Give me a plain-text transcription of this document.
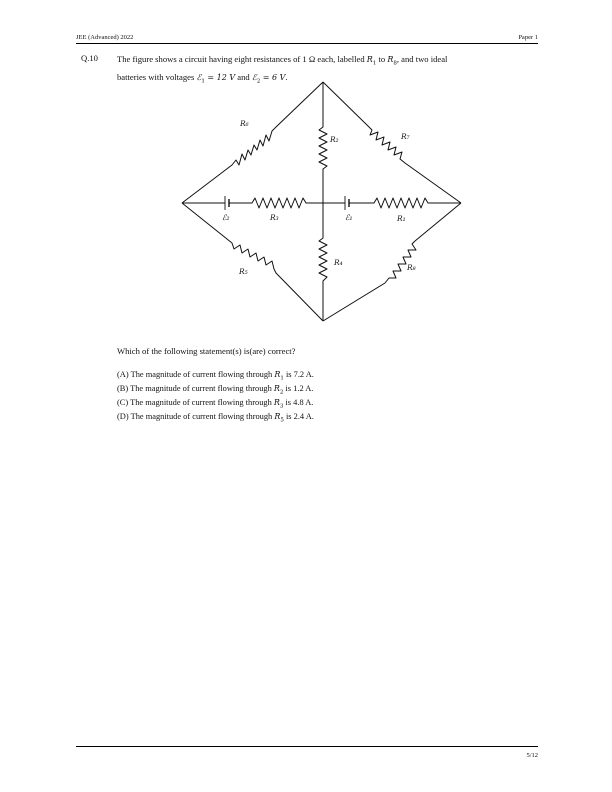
JEE (Advanced) 2022	Paper 1
Q.10 The figure shows a circuit having eight resistances of 1 Ω each, labelled $R_1$ to $R_8$, and two ideal
batteries with voltages ℰ$_1$ = 12 V and ℰ$_2$ = 6 V.
R₆
R₂	R₇
ℰ₂	R₃	ℰ₁	R₁
R₄
R₅	R₈
Which of the following statement(s) is(are) correct?
(A) The magnitude of current flowing through $R_1$ is 7.2 A.
(B) The magnitude of current flowing through $R_2$ is 1.2 A.
(C) The magnitude of current flowing through $R_3$ is 4.8 A.
(D) The magnitude of current flowing through $R_5$ is 2.4 A.
5/12
